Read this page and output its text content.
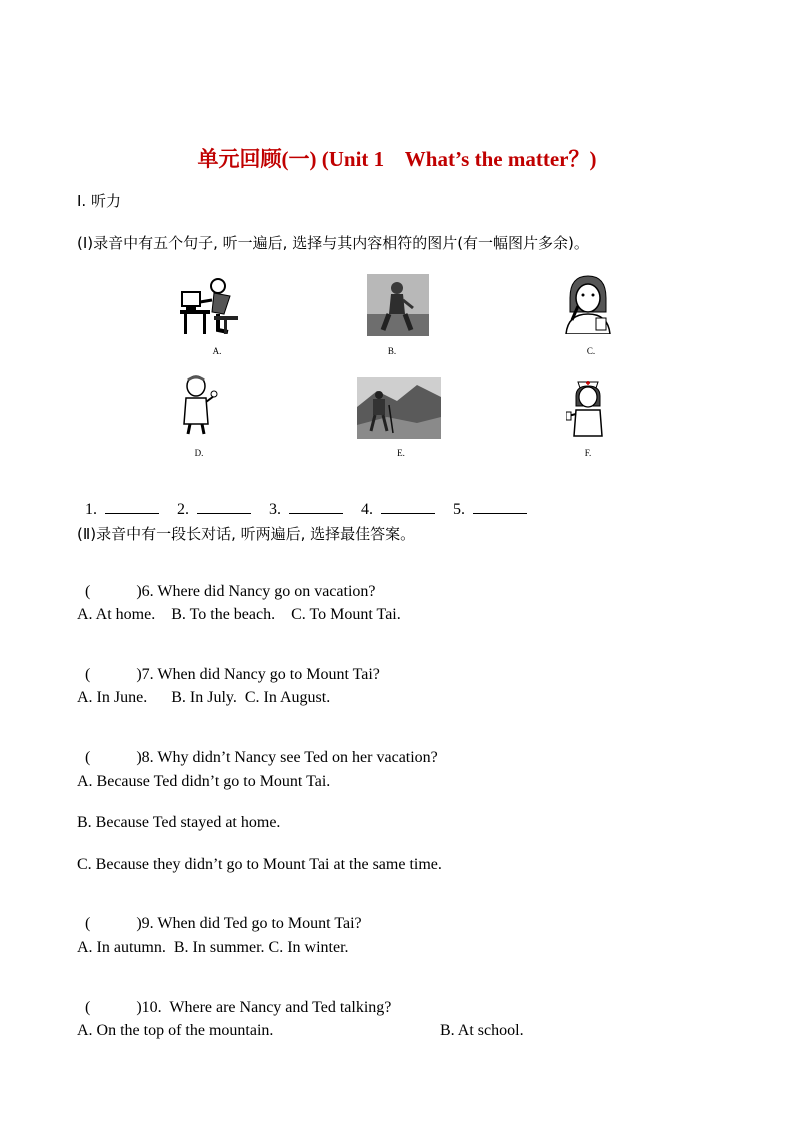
单元回顾(一) (Unit 1    What’s the matter？)
Ⅰ. 听力
(Ⅰ)录音中有五个句子, 听一遍后, 选择与其内容相符的图片(有一幅图片多余)。
A.	B.	C.
D.	E.	F.

1.	2.	3.	4.	5.

(Ⅱ)录音中有一段长对话, 听两遍后, 选择最佳答案。

(	)6. Where did Nancy go on vacation?

A. At home.    B. To the beach.    C. To Mount Tai.

(	)7. When did Nancy go to Mount Tai?

A. In June.      B. In July.  C. In August.

(	)8. Why didn’t Nancy see Ted on her vacation?

A. Because Ted didn’t go to Mount Tai.
B. Because Ted stayed at home.
C. Because they didn’t go to Mount Tai at the same time.

(	)9. When did Ted go to Mount Tai?

A. In autumn.  B. In summer. C. In winter.

(	)10.  Where are Nancy and Ted talking?

A. On the top of the mountain.	B. At school.
